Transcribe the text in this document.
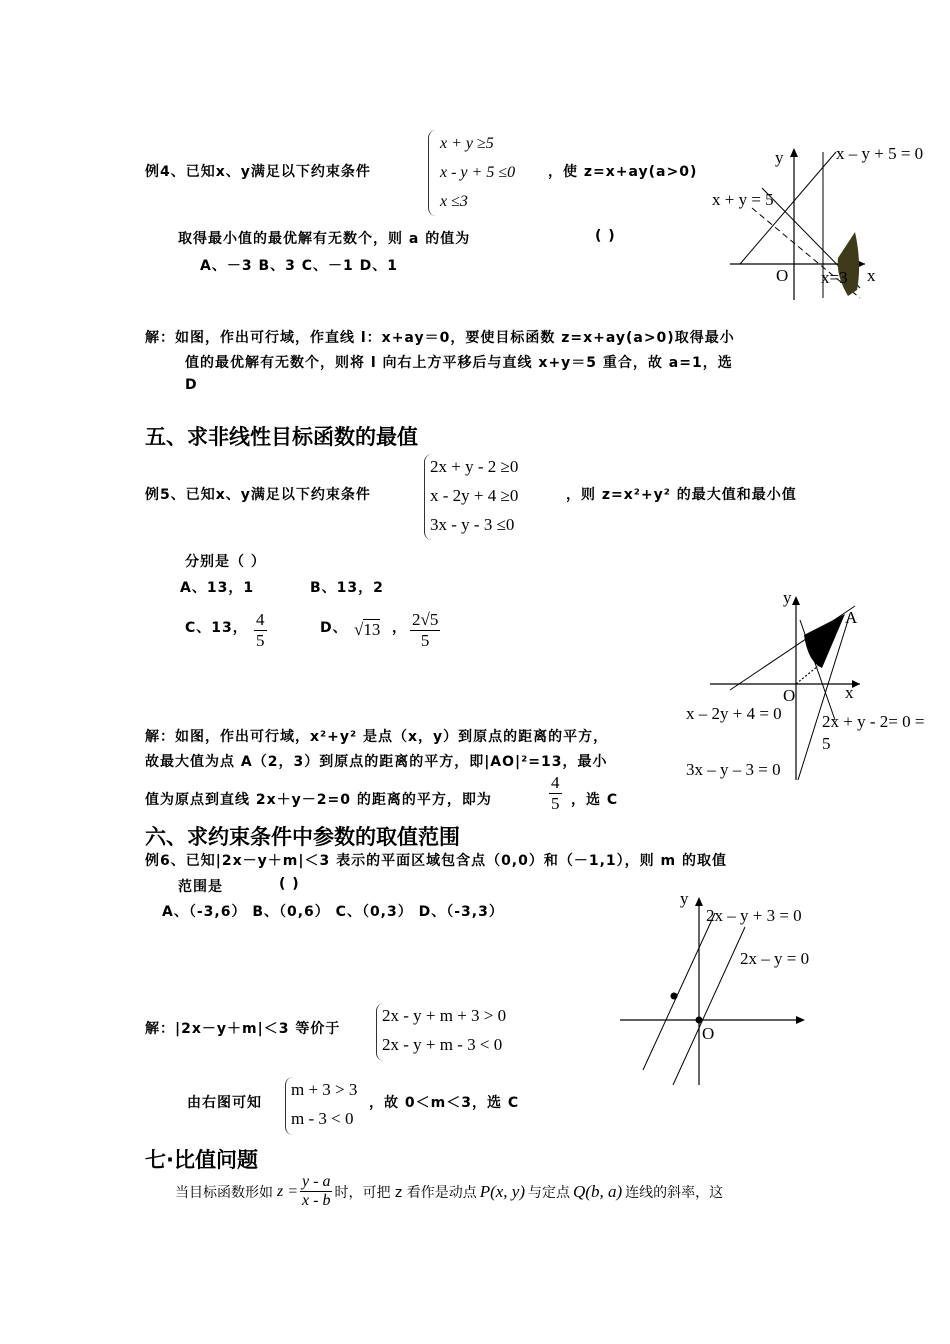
例4、已知x、y满足以下约束条件
x + y ≥5
x - y + 5 ≤0
x ≤3
，使 z=x+ay(a>0)
取得最小值的最优解有无数个，则 a 的值为	( )
A、－3 B、3 C、－1 D、1
y	x – y + 5 = 0
x + y = 5
O x=3 x
解：如图，作出可行域，作直线 l：x+ay＝0，要使目标函数 z=x+ay(a>0)取得最小
值的最优解有无数个，则将 l 向右上方平移后与直线 x+y＝5 重合，故 a=1，选
D
五、求非线性目标函数的最值
例5、已知x、y满足以下约束条件
2x + y - 2 ≥0
x - 2y + 4 ≥0
3x - y - 3 ≤0
，则 z=x²+y² 的最大值和最小值
分别是（ ）
A、13，1	B、13，2
C、13， $\frac{4}{5}$	D、 √13 ， $\frac{2√5}{5}$
y
A
O	x
x – 2y + 4 = 0 2x + y - 2= 0 =
5
3x – y – 3 = 0
解：如图，作出可行域，x²+y² 是点（x，y）到原点的距离的平方，
故最大值为点 A（2，3）到原点的距离的平方，即|AO|²=13，最小
值为原点到直线 2x＋y－2=0 的距离的平方，即为	$\frac{4}{5}$ ，选 C
六、求约束条件中参数的取值范围
例6、已知|2x－y＋m|＜3 表示的平面区域包含点（0,0）和（－1,1），则 m 的取值
范围是	( )
A、（-3,6） B、（0,6） C、（0,3） D、（-3,3）
y
2x – y + 3 = 0
2x – y = 0
O
解：|2x－y＋m|＜3 等价于
2x - y + m + 3 > 0
2x - y + m - 3 < 0
由右图可知
m + 3 > 3
m - 3 < 0
，故 0＜m＜3，选 C
七·比值问题
当目标函数形如 $z = \frac{y - a}{x - b}$ 时，可把 z 看作是动点 P(x, y) 与定点 Q(b, a) 连线的斜率，这
